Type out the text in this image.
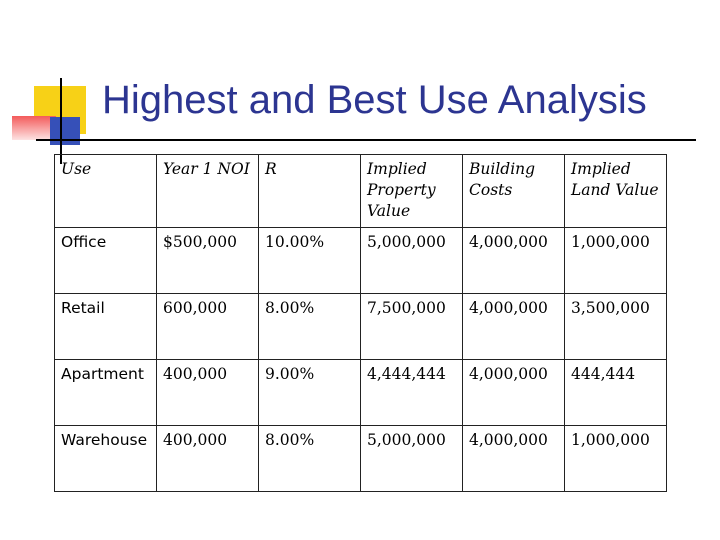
Highest and Best Use Analysis
Use	Year 1 NOI	R	Implied Property Value	Building Costs	Implied Land Value
Office	$500,000	10.00%	5,000,000	4,000,000	1,000,000
Retail	600,000	8.00%	7,500,000	4,000,000	3,500,000
Apartment	400,000	9.00%	4,444,444	4,000,000	444,444
Warehouse	400,000	8.00%	5,000,000	4,000,000	1,000,000
